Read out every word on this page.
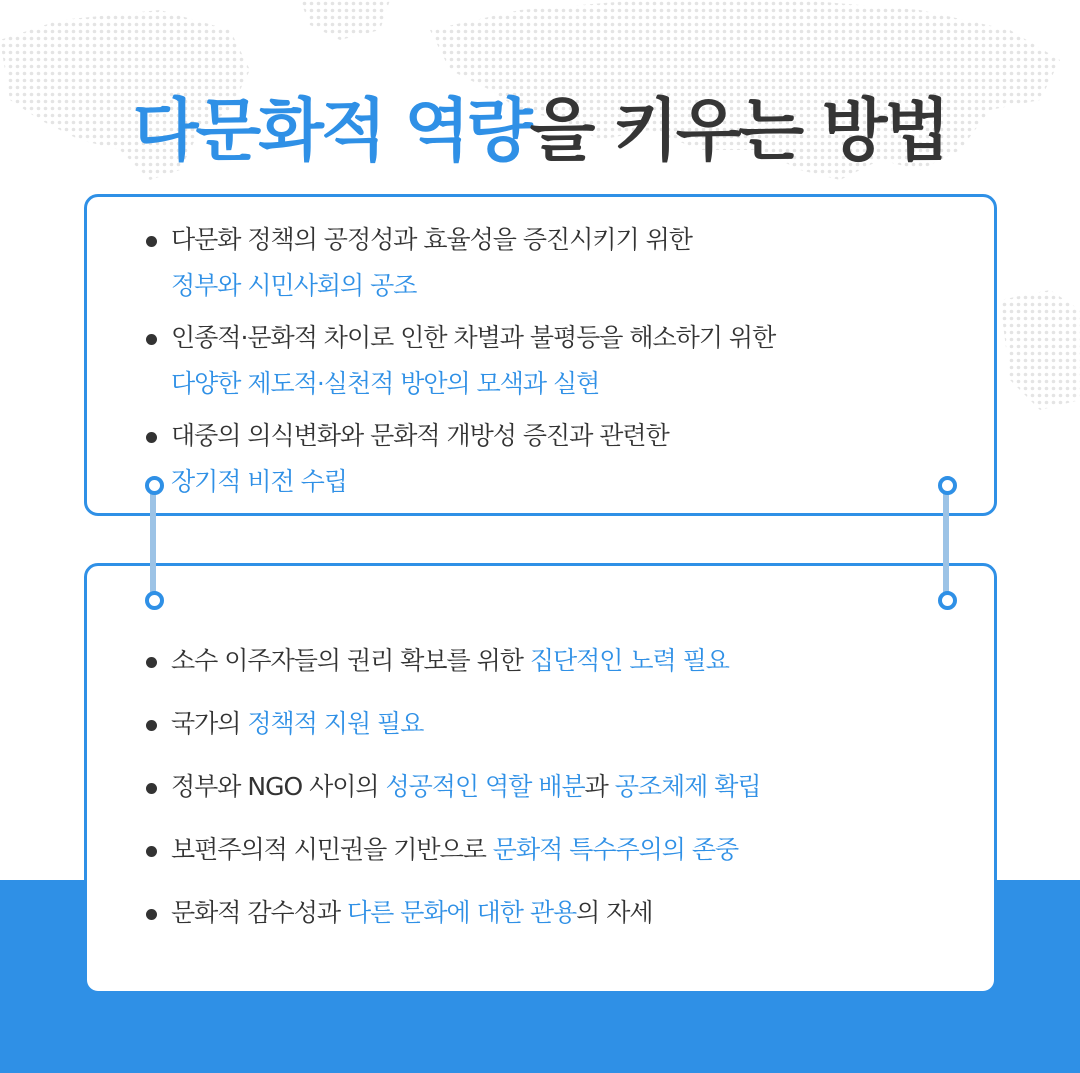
다문화적 역량을 키우는 방법
다문화 정책의 공정성과 효율성을 증진시키기 위한
정부와 시민사회의 공조
인종적·문화적 차이로 인한 차별과 불평등을 해소하기 위한
다양한 제도적·실천적 방안의 모색과 실현
대중의 의식변화와 문화적 개방성 증진과 관련한
장기적 비전 수립
소수 이주자들의 권리 확보를 위한 집단적인 노력 필요
국가의 정책적 지원 필요
정부와 NGO 사이의 성공적인 역할 배분과 공조체제 확립
보편주의적 시민권을 기반으로 문화적 특수주의의 존중
문화적 감수성과 다른 문화에 대한 관용의 자세
